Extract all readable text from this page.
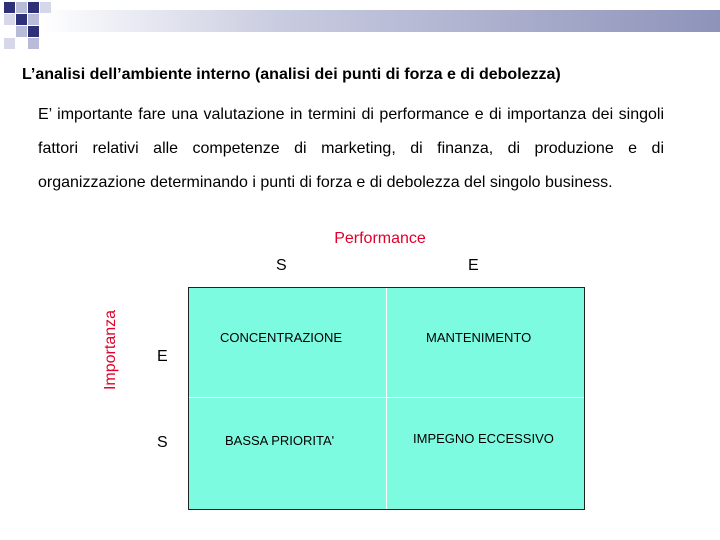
L’analisi dell’ambiente interno (analisi dei punti di forza e di debolezza)
E’ importante fare una valutazione in termini di performance e di importanza dei singoli fattori relativi alle competenze di marketing, di finanza, di produzione e di organizzazione determinando i punti di forza e di debolezza del singolo business.
Performance
S	E
Importanza E
S
CONCENTRAZIONE	MANTENIMENTO
BASSA PRIORITA'	IMPEGNO ECCESSIVO
